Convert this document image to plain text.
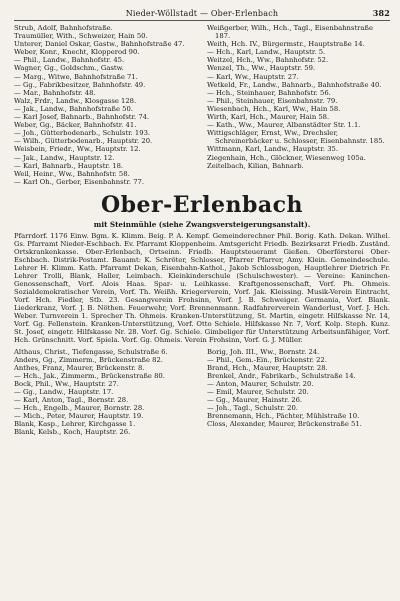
Nieder-Wöllstadt — Ober-Erlenbach	382

Strub, Adolf, Bahnhofstraße.

Traumüller, With., Schweizer, Hain 50.

Unterer, Daniel Oskar, Gastw., Bahnhofstraße 47.

Weber, Konr., Knecht, Klopperod 90.

— Phil., Landw., Bahnhofstr. 45.

Wagner, Gg., Goldschm., Gastw.

— Marg., Witwe, Bahnhofstraße 71.

— Gg., Fabrikbesitzer, Bahnhofstr. 49.

— Mar., Bahnhofstr. 48.

Walz, Frdr., Landw., Klosgasse 128.

— Jak., Landw., Bahnhofstraße 50.

— Karl Josef, Bahnarb., Bahnhofstr. 74.

Weber, Gg., Bäcker, Bahnhofstr. 41.

— Joh., Gütterbodenarb., Schulstr. 193.

— Wilh., Gütterbodenarb., Hauptstr. 20.

Weisbein, Friedr., Ww., Hauptstr. 12.

— Jak., Landw., Hauptstr. 12.

— Karl, Bahnarb., Hauptstr. 18.

Weil, Heinr., Ww., Bahnhofstr. 58.

— Karl Oh., Gerber, Eisenbahnstr. 77.

Weißgerber, Wilh., Hch., Tagl., Eisenbahnstraße 187.

Weith, Hch. IV., Bürgermstr., Hauptstraße 14.

— Hch., Karl, Landw., Hauptstr. 5.

Weitzel, Hch., Ww., Bahnhofstr. 52.

Wenzel, Th., Ww., Hauptstr. 59.

— Karl, Ww., Hauptstr. 27.

Wetkeld, Fr., Landw., Bahnarb., Bahnhofstraße 40.

— Hch., Steinhauer, Bahnhofstr. 56.

— Phil., Steinhauer, Eisenbahnstr. 79.

Wiesenbach, Hch., Karl, Ww., Hain 58.

Wirth, Karl, Hch., Maurer, Hain 58.

— Kath., Ww., Maurer, Albanstädter Str. 1.1.

Wittigschläger, Ernst, Ww., Drechsler, Schreinerbäcker u. Schlosser, Eisenbahnstr. 185.

Wittmann, Karl, Landw., Hauptstr. 35.

Ziegenhain, Hch., Glöckner, Wiesenweg 105a.

Zeitelbach, Kilian, Bahnarb.

Ober-Erlenbach
mit Steinmühle (siehe Zwangsversteigerungsanstalt).

Pfarrdorf. 1176 Einw. Bgm. K. Klimm. Beig. P. A. Kempf. Gemeinderechner Phil. Borig. Kath. Dekan. Wilhel. Gs. Pfarramt Nieder-Eschbach. Ev. Pfarramt Kloppenheim. Amtsgericht Friedb. Bezirksarzt Friedb. Zuständ. Ortskrankenkasse. Ober-Erlenbach, Ortseinn. Friedb. Hauptsteueramt Gießen. Oberförsterei Ober-Eschbach. Distrik-Postamt. Bauamt: K. Schröter, Schlosser, Pfarrer Pfarrer, Amy. Klein. Gemeindeschule. Lehrer H. Klimm. Kath. Pfarramt Dekan, Eisenbahn-Kathol., Jakob Schlossbogen, Hauptlehrer Dietrich Fr. Lehrer Trolli, Blank, Haller, Leimbach. Kleinkinderschule (Schulschwester). — Vereine: Kaninchen-Genossenschaft, Vorf. Alois Haas. Spar- u. Leihkasse. Kraftgenossenschaft, Vorf. Ph. Ohmeis. Sozialdemokratischer Verein, Vorf. Th. Weißh. Kriegerverein, Vorf. Jak. Kleissing. Musik-Verein Eintracht, Vorf. Hch. Fiedler, Stb. 23. Gesangverein Frohsinn, Vorf. J. B. Schweiger. Germania, Vorf. Blank. Liederkranz, Vorf. J. B. Nöthen. Feuerwehr, Vorf. Brennenmann. Radfahrerverein Wanderlust, Vorf. J. Hch. Weber. Turnverein 1. Sprecher Th. Ohmeis. Kranken-Unterstützung, St. Martin, eingetr. Hilfskasse Nr. 14, Vorf. Gg. Fellenstein. Kranken-Unterstützung, Vorf. Otto Schiele. Hilfskasse Nr. 7, Vorf. Kolp. Steph. Kunz. St. Josef, eingetr. Hilfskasse Nr. 28. Vorf. Gg. Schiele. Gimbeliger für Unterstützung Arbeitsunfähiger, Vorf. Hch. Grünschnitt. Vorf. Spiela. Vorf. Gg. Ohmeis. Verein Frohsinn, Vorf. G. J. Müller.

Althaus, Christ., Tiefengasse, Schulstraße 6.

Anders, Gg., Zimmerm., Brückenstraße 82.

Anthes, Franz, Maurer, Brückenstr. 8.

— Hch., Jak., Zimmerm., Brückenstraße 80.

Bock, Phil., Ww., Hauptstr. 27.

— Gg., Landw., Hauptstr. 17.

— Karl, Anton, Tagl., Bornstr. 28.

— Hch., Engelb., Maurer, Bornstr. 28.

— Mich., Peter, Maurer, Hauptstr. 19.

Blank, Kasp., Lehrer, Kirchgasse 1.

Blank, Kelsb., Koch, Hauptstr. 26.

Borig, Joh. III., Ww., Bornstr. 24.

— Phil., Gem.-Ein., Brückenstr. 22.

Brand, Hch., Maurer, Hauptstr. 28.

Brenkel, Andr., Fabrikarb., Schulstraße 14.

— Anton, Maurer, Schulstr. 20.

— Emil, Maurer, Schulstr. 20.

— Gg., Maurer, Hainstr. 26.

— Joh., Tagl., Schulstr. 20.

Brennemann, Hch., Pächter, Mühlstraße 10.

Closs, Alexander, Maurer, Brückenstraße 51.
